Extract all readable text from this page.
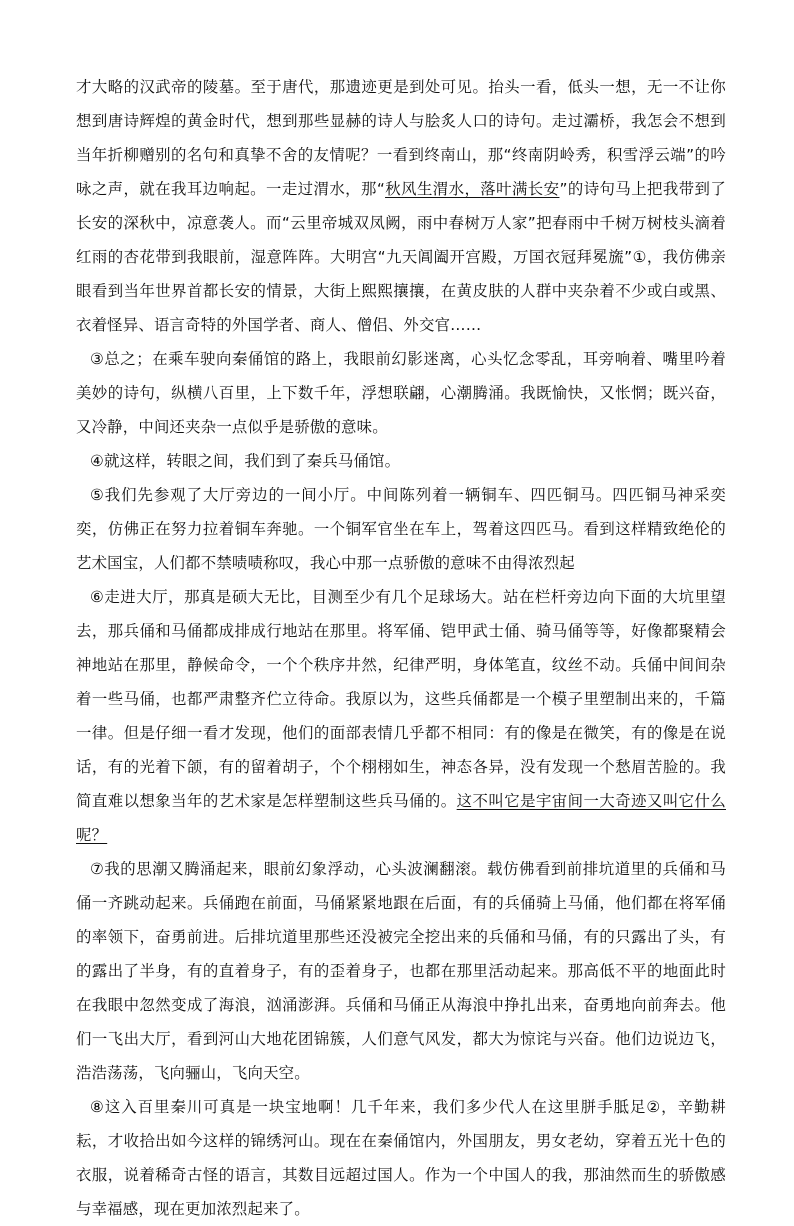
才大略的汉武帝的陵墓。至于唐代，那遗迹更是到处可见。抬头一看，低头一想，无一不让你想到唐诗辉煌的黄金时代，想到那些显赫的诗人与脍炙人口的诗句。走过灞桥，我怎会不想到当年折柳赠别的名句和真挚不舍的友情呢？一看到终南山，那“终南阴岭秀，积雪浮云端”的吟咏之声，就在我耳边响起。一走过渭水，那“秋风生渭水，落叶满长安”的诗句马上把我带到了长安的深秋中，凉意袭人。而“云里帝城双凤阙，雨中春树万人家”把春雨中千树万树枝头滴着红雨的杏花带到我眼前，湿意阵阵。大明宫“九天阊阖开宫殿，万国衣冠拜冕旒”①，我仿佛亲眼看到当年世界首都长安的情景，大街上熙熙攘攘，在黄皮肤的人群中夹杂着不少或白或黑、衣着怪异、语言奇特的外国学者、商人、僧侣、外交官……

③总之；在乘车驶向秦俑馆的路上，我眼前幻影迷离，心头忆念零乱，耳旁响着、嘴里吟着美妙的诗句，纵横八百里，上下数千年，浮想联翩，心潮腾涌。我既愉快，又怅惘；既兴奋，又冷静，中间还夹杂一点似乎是骄傲的意味。

④就这样，转眼之间，我们到了秦兵马俑馆。

⑤我们先参观了大厅旁边的一间小厅。中间陈列着一辆铜车、四匹铜马。四匹铜马神采奕奕，仿佛正在努力拉着铜车奔驰。一个铜军官坐在车上，驾着这四匹马。看到这样精致绝伦的艺术国宝，人们都不禁啧啧称叹，我心中那一点骄傲的意味不由得浓烈起

⑥走进大厅，那真是硕大无比，目测至少有几个足球场大。站在栏杆旁边向下面的大坑里望去，那兵俑和马俑都成排成行地站在那里。将军俑、铠甲武士俑、骑马俑等等，好像都聚精会神地站在那里，静候命令，一个个秩序井然，纪律严明，身体笔直，纹丝不动。兵俑中间间杂着一些马俑，也都严肃整齐伫立待命。我原以为，这些兵俑都是一个模子里塑制出来的，千篇一律。但是仔细一看才发现，他们的面部表情几乎都不相同：有的像是在微笑，有的像是在说话，有的光着下颌，有的留着胡子，个个栩栩如生，神态各异，没有发现一个愁眉苦脸的。我简直难以想象当年的艺术家是怎样塑制这些兵马俑的。这不叫它是宇宙间一大奇迹又叫它什么呢？

⑦我的思潮又腾涌起来，眼前幻象浮动，心头波澜翻滚。载仿佛看到前排坑道里的兵俑和马俑一齐跳动起来。兵俑跑在前面，马俑紧紧地跟在后面，有的兵俑骑上马俑，他们都在将军俑的率领下，奋勇前进。后排坑道里那些还没被完全挖出来的兵俑和马俑，有的只露出了头，有的露出了半身，有的直着身子，有的歪着身子，也都在那里活动起来。那高低不平的地面此时在我眼中忽然变成了海浪，汹涌澎湃。兵俑和马俑正从海浪中挣扎出来，奋勇地向前奔去。他们一飞出大厅，看到河山大地花团锦簇，人们意气风发，都大为惊诧与兴奋。他们边说边飞，浩浩荡荡，飞向骊山，飞向天空。

⑧这入百里秦川可真是一块宝地啊！几千年来，我们多少代人在这里胼手胝足②，辛勤耕耘，才收拾出如今这样的锦绣河山。现在在秦俑馆内，外国朋友，男女老幼，穿着五光十色的衣服，说着稀奇古怪的语言，其数目远超过国人。作为一个中国人的我，那油然而生的骄傲感与幸福感，现在更加浓烈起来了。
